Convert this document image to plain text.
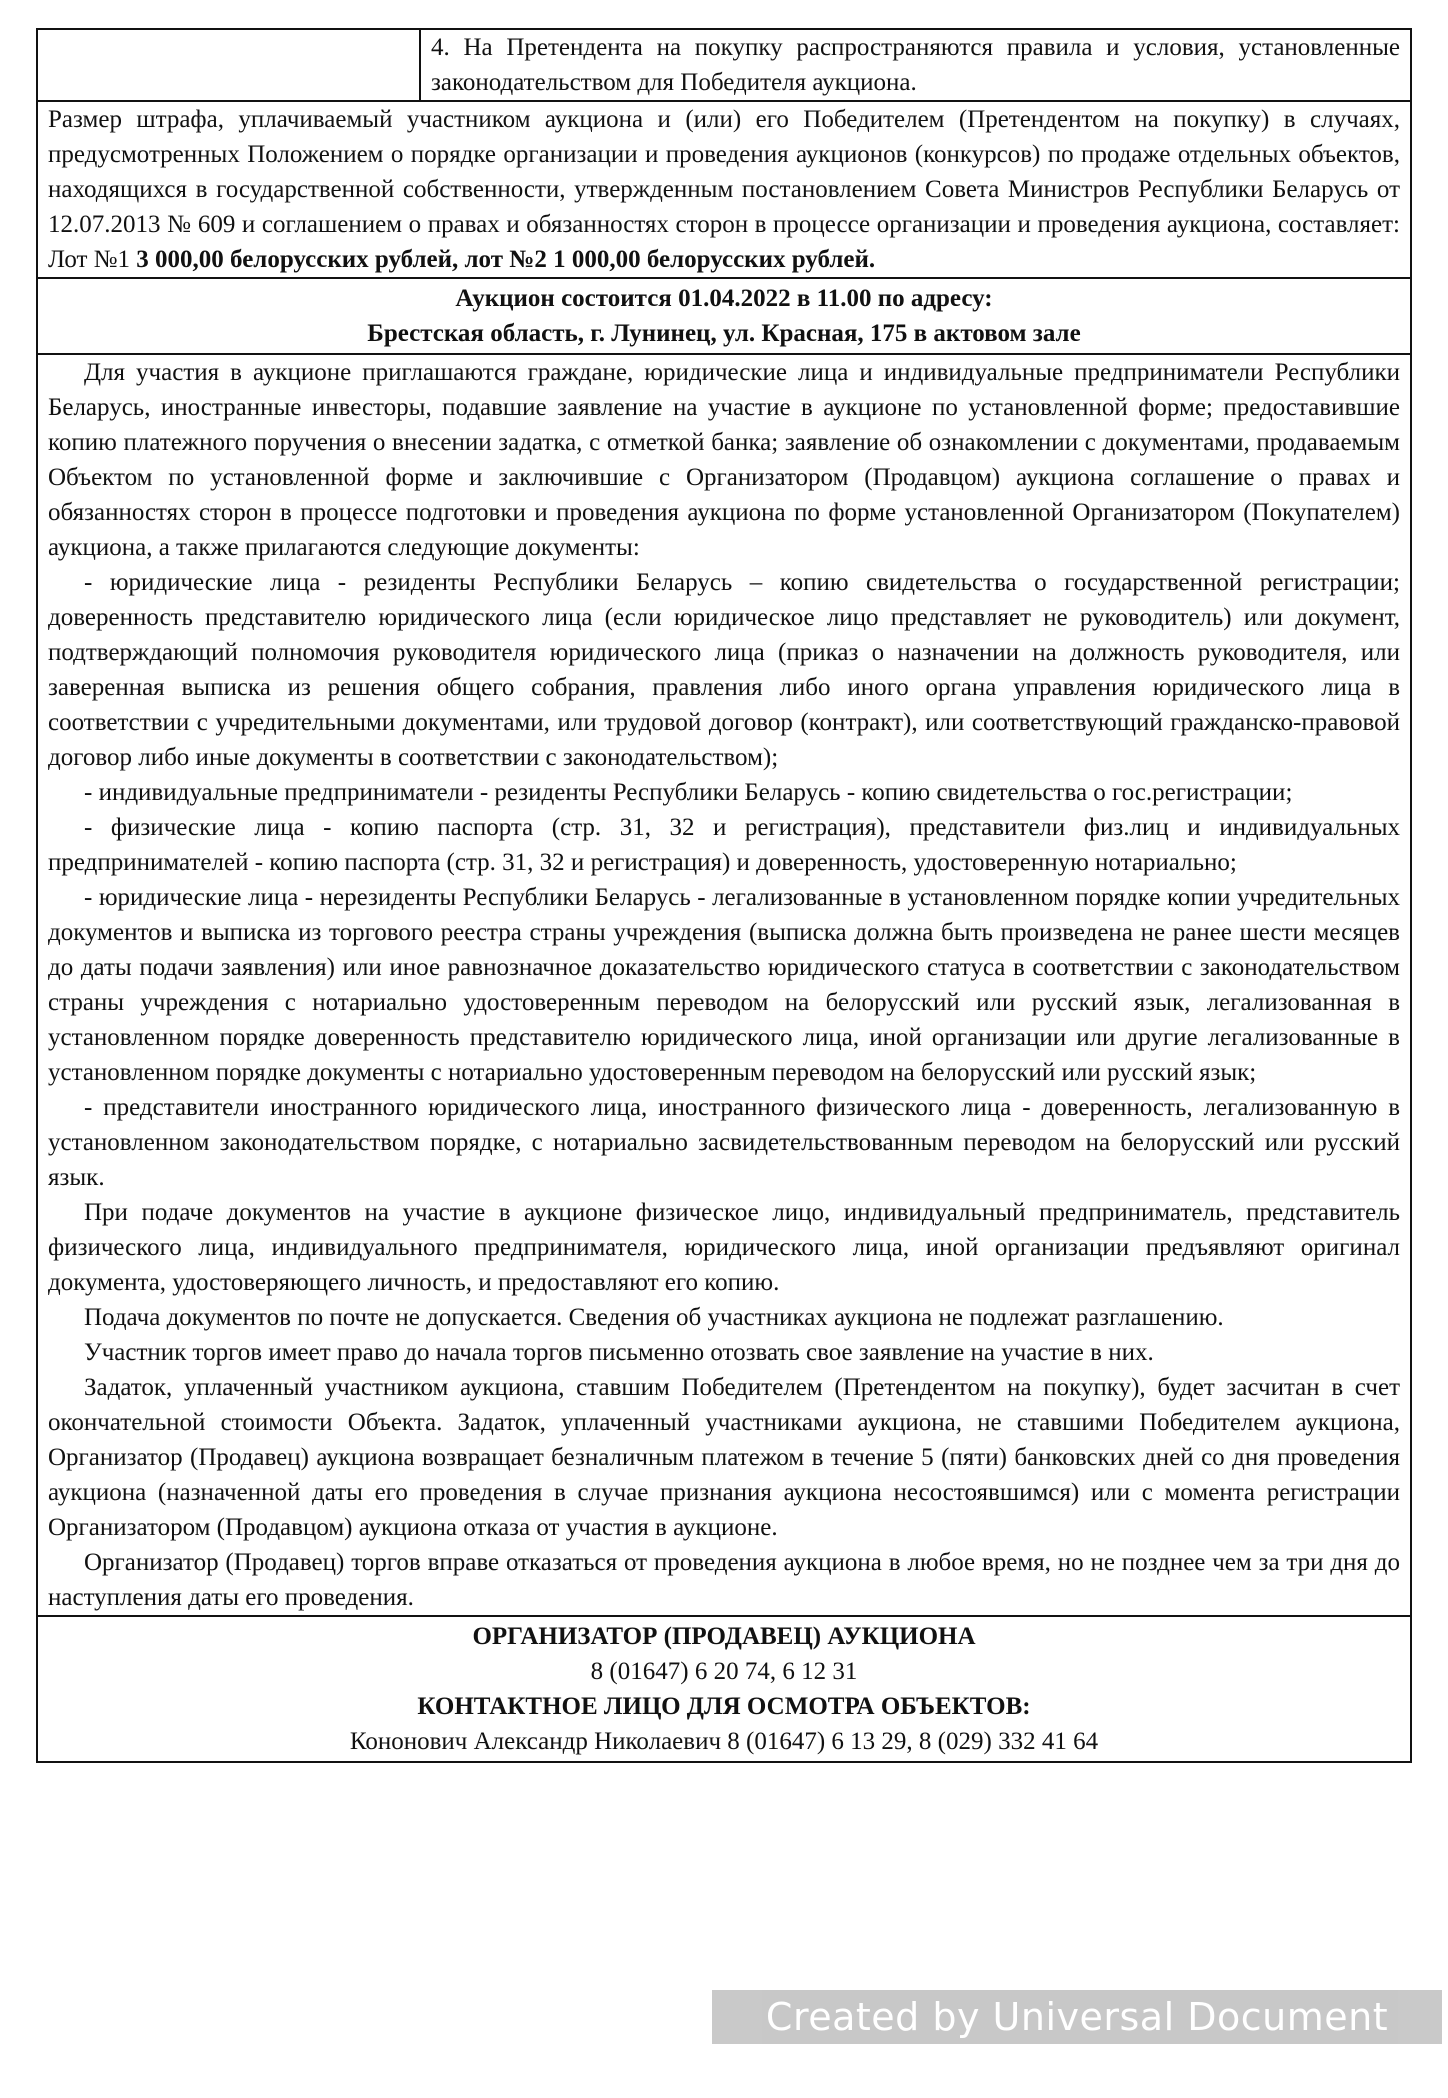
	4. На Претендента на покупку распространяются правила и условия, установленные законодательством для Победителя аукциона.
Размер штрафа, уплачиваемый участником аукциона и (или) его Победителем (Претендентом на покупку) в случаях, предусмотренных Положением о порядке организации и проведения аукционов (конкурсов) по продаже отдельных объектов, находящихся в государственной собственности, утвержденным постановлением Совета Министров Республики Беларусь от 12.07.2013 № 609 и соглашением о правах и обязанностях сторон в процессе организации и проведения аукциона, составляет: Лот №1 3 000,00 белорусских рублей, лот №2 1 000,00 белорусских рублей.

Аукцион состоится 01.04.2022 в 11.00 по адресу:
Брестская область, г. Лунинец, ул. Красная, 175 в актовом зале

Для участия в аукционе приглашаются граждане, юридические лица и индивидуальные предприниматели Республики Беларусь, иностранные инвесторы, подавшие заявление на участие в аукционе по установленной форме; предоставившие копию платежного поручения о внесении задатка, с отметкой банка; заявление об ознакомлении с документами, продаваемым Объектом по установленной форме и заключившие с Организатором (Продавцом) аукциона соглашение о правах и обязанностях сторон в процессе подготовки и проведения аукциона по форме установленной Организатором (Покупателем) аукциона, а также прилагаются следующие документы:

- юридические лица - резиденты Республики Беларусь – копию свидетельства о государственной регистрации; доверенность представителю юридического лица (если юридическое лицо представляет не руководитель) или документ, подтверждающий полномочия руководителя юридического лица (приказ о назначении на должность руководителя, или заверенная выписка из решения общего собрания, правления либо иного органа управления юридического лица в соответствии с учредительными документами, или трудовой договор (контракт), или соответствующий гражданско-правовой договор либо иные документы в соответствии с законодательством);

- индивидуальные предприниматели - резиденты Республики Беларусь - копию свидетельства о гос.регистрации;

- физические лица - копию паспорта (стр. 31, 32 и регистрация), представители физ.лиц и индивидуальных предпринимателей - копию паспорта (стр. 31, 32 и регистрация) и доверенность, удостоверенную нотариально;

- юридические лица - нерезиденты Республики Беларусь - легализованные в установленном порядке копии учредительных документов и выписка из торгового реестра страны учреждения (выписка должна быть произведена не ранее шести месяцев до даты подачи заявления) или иное равнозначное доказательство юридического статуса в соответствии с законодательством страны учреждения с нотариально удостоверенным переводом на белорусский или русский язык, легализованная в установленном порядке доверенность представителю юридического лица, иной организации или другие легализованные в установленном порядке документы с нотариально удостоверенным переводом на белорусский или русский язык;

- представители иностранного юридического лица, иностранного физического лица - доверенность, легализованную в установленном законодательством порядке, с нотариально засвидетельствованным переводом на белорусский или русский язык.

При подаче документов на участие в аукционе физическое лицо, индивидуальный предприниматель, представитель физического лица, индивидуального предпринимателя, юридического лица, иной организации предъявляют оригинал документа, удостоверяющего личность, и предоставляют его копию.

Подача документов по почте не допускается. Сведения об участниках аукциона не подлежат разглашению.

Участник торгов имеет право до начала торгов письменно отозвать свое заявление на участие в них.

Задаток, уплаченный участником аукциона, ставшим Победителем (Претендентом на покупку), будет засчитан в счет окончательной стоимости Объекта. Задаток, уплаченный участниками аукциона, не ставшими Победителем аукциона, Организатор (Продавец) аукциона возвращает безналичным платежом в течение 5 (пяти) банковских дней со дня проведения аукциона (назначенной даты его проведения в случае признания аукциона несостоявшимся) или с момента регистрации Организатором (Продавцом) аукциона отказа от участия в аукционе.

Организатор (Продавец) торгов вправе отказаться от проведения аукциона в любое время, но не позднее чем за три дня до наступления даты его проведения.

ОРГАНИЗАТОР (ПРОДАВЕЦ) АУКЦИОНА
8 (01647) 6 20 74, 6 12 31
КОНТАКТНОЕ ЛИЦО ДЛЯ ОСМОТРА ОБЪЕКТОВ:
Кононович Александр Николаевич 8 (01647) 6 13 29, 8 (029) 332 41 64
Created by Universal Document Converter
